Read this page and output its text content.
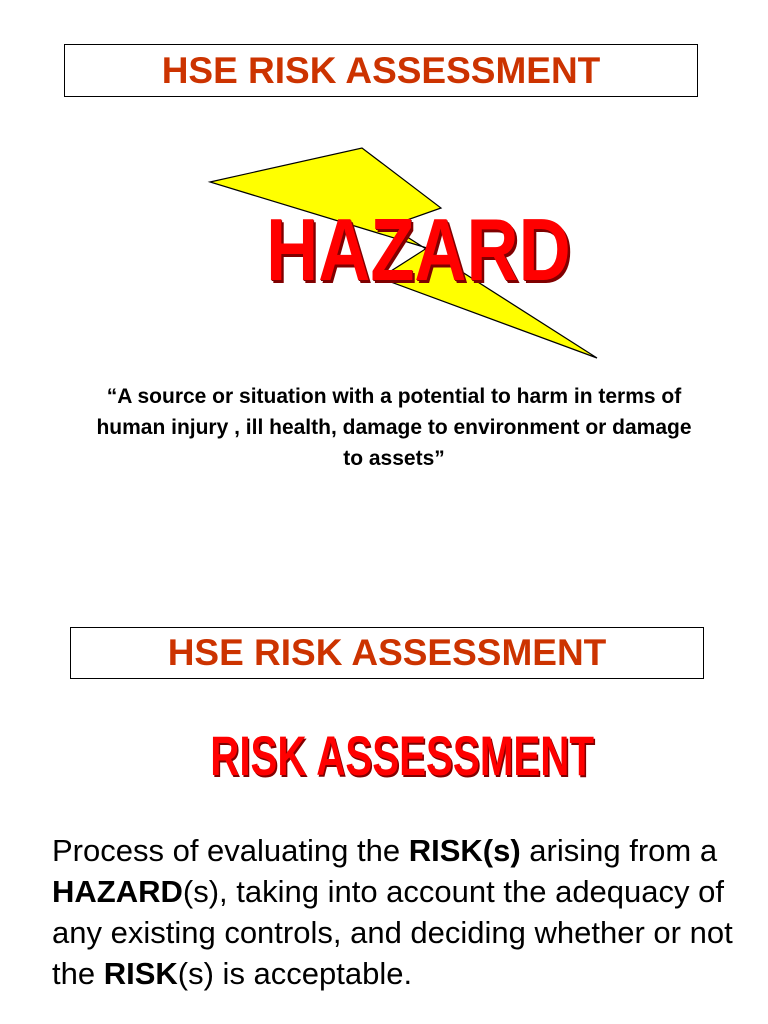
HSE RISK ASSESSMENT
HAZARD
“A source or situation with a potential to harm in terms of human injury , ill health, damage to environment or damage to assets”
HSE RISK ASSESSMENT
RISK ASSESSMENT
Process of evaluating the RISK(s) arising from a HAZARD(s), taking into account the adequacy of any existing controls, and deciding whether or not the RISK(s) is acceptable.
